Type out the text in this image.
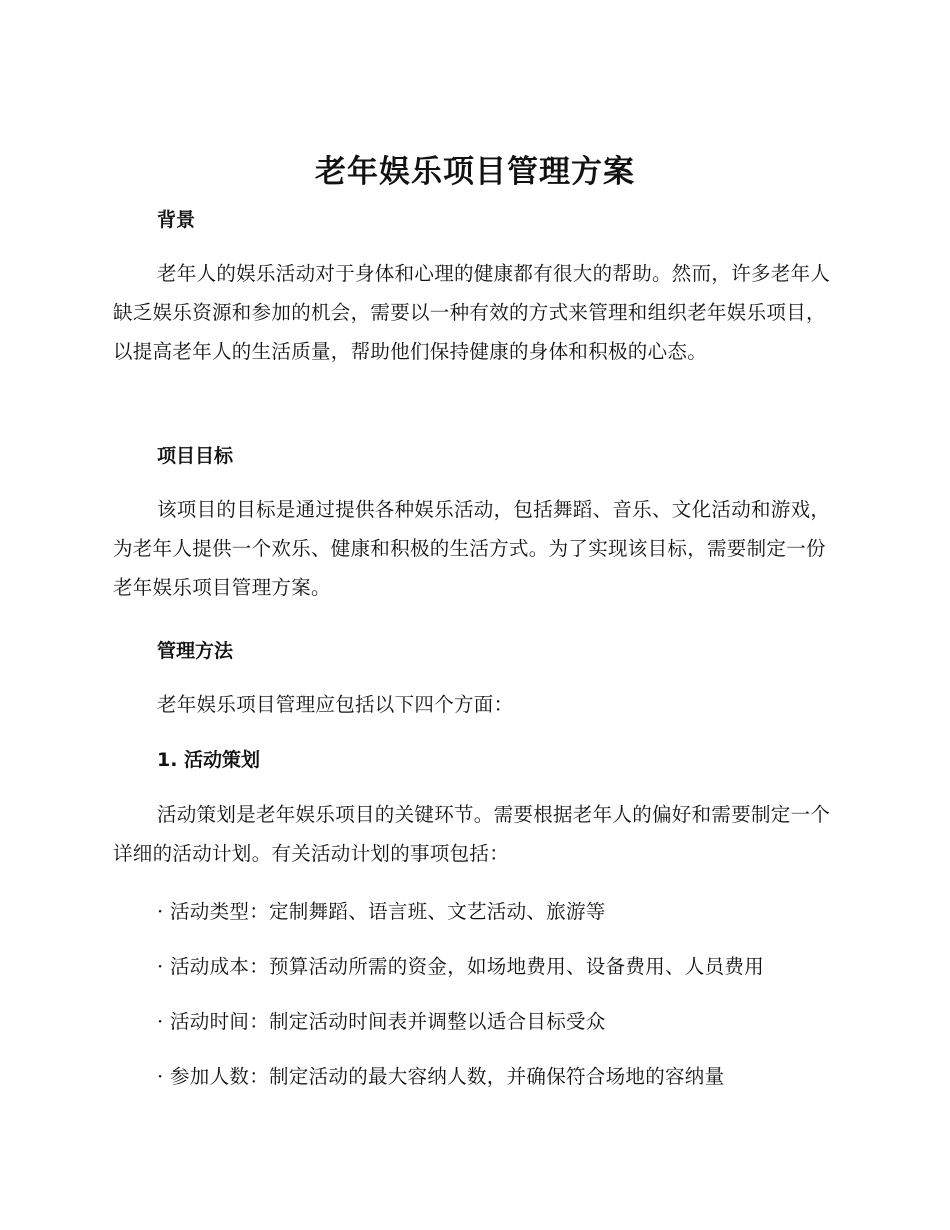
老年娱乐项目管理方案
背景

老年人的娱乐活动对于身体和心理的健康都有很大的帮助。然而，许多老年人缺乏娱乐资源和参加的机会，需要以一种有效的方式来管理和组织老年娱乐项目，以提高老年人的生活质量，帮助他们保持健康的身体和积极的心态。

项目目标

该项目的目标是通过提供各种娱乐活动，包括舞蹈、音乐、文化活动和游戏，为老年人提供一个欢乐、健康和积极的生活方式。为了实现该目标，需要制定一份老年娱乐项目管理方案。

管理方法

老年娱乐项目管理应包括以下四个方面：

1. 活动策划

活动策划是老年娱乐项目的关键环节。需要根据老年人的偏好和需要制定一个详细的活动计划。有关活动计划的事项包括：

· 活动类型：定制舞蹈、语言班、文艺活动、旅游等

· 活动成本：预算活动所需的资金，如场地费用、设备费用、人员费用

· 活动时间：制定活动时间表并调整以适合目标受众

· 参加人数：制定活动的最大容纳人数，并确保符合场地的容纳量
